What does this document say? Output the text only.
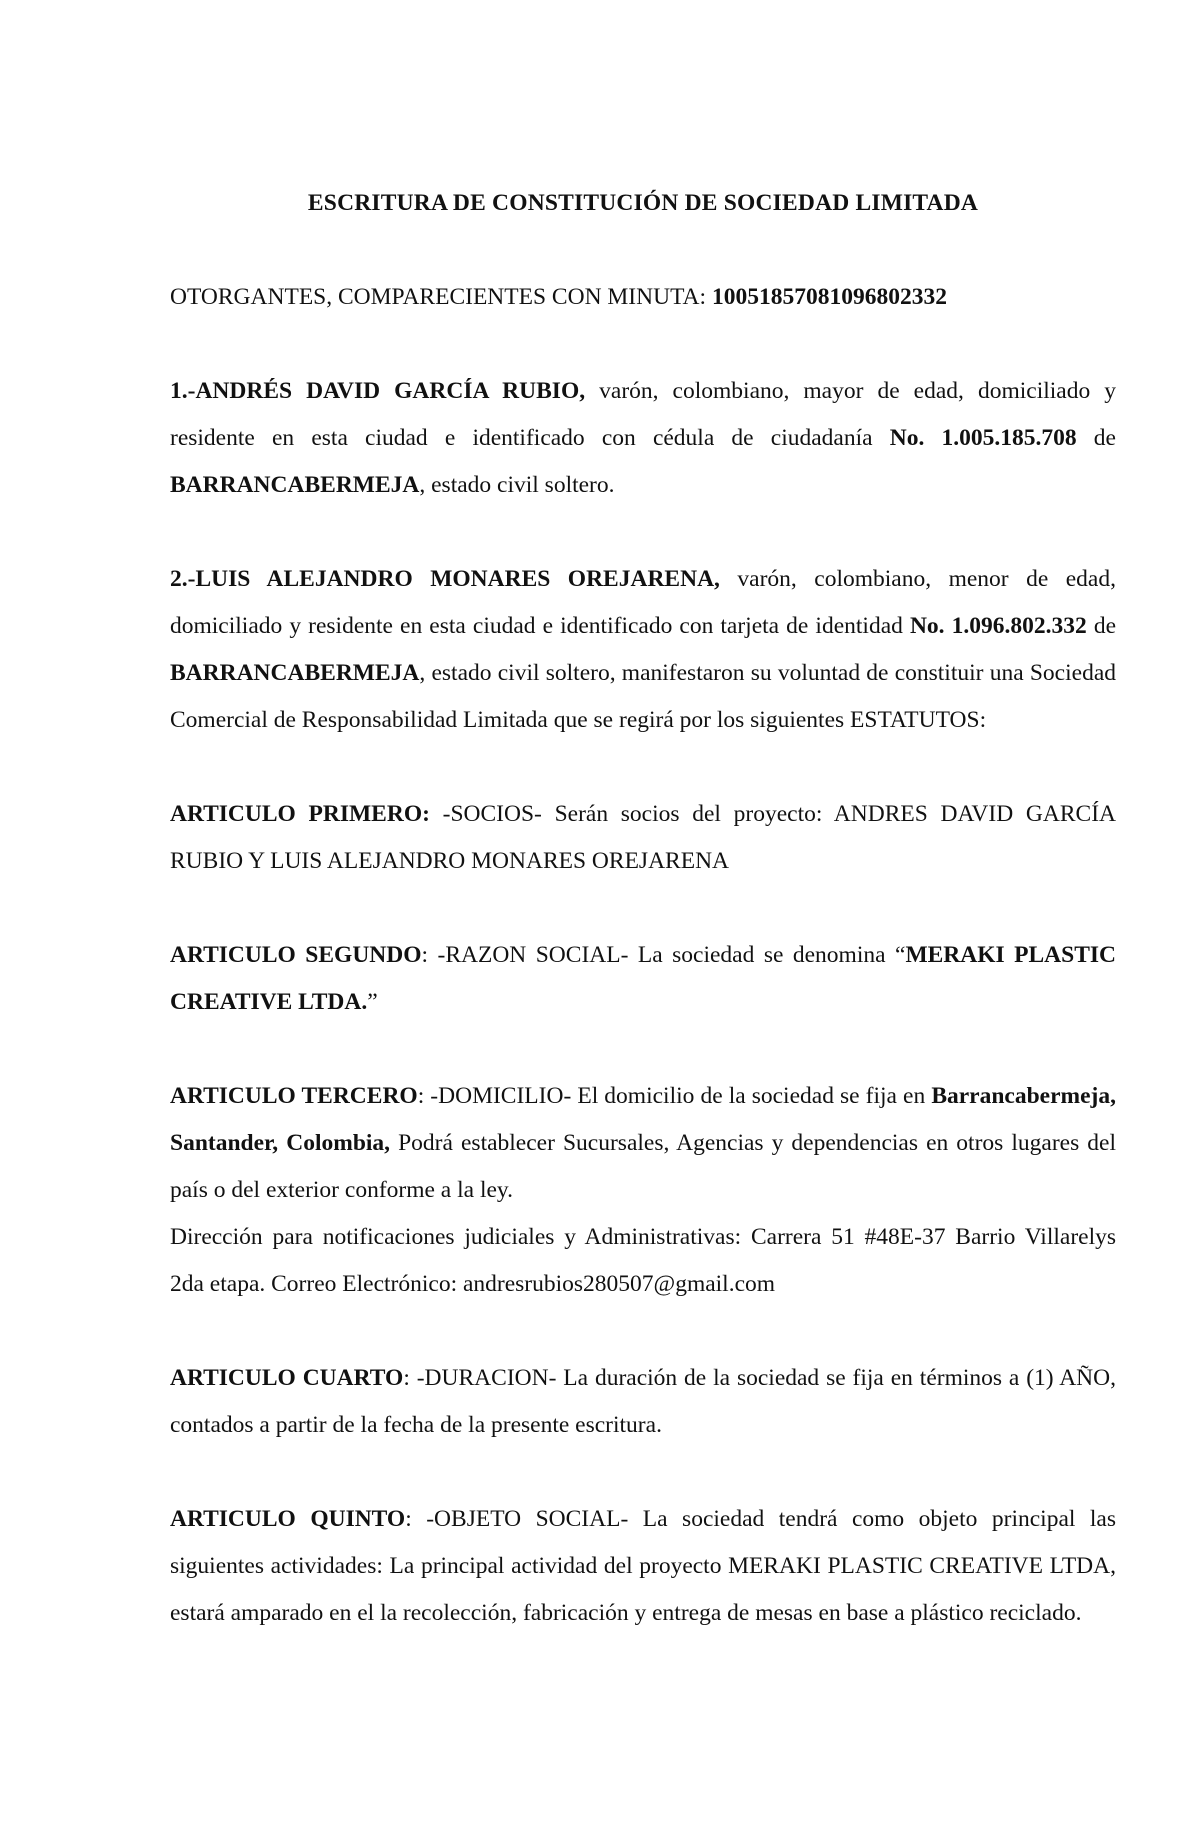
ESCRITURA DE CONSTITUCIÓN DE SOCIEDAD LIMITADA

OTORGANTES, COMPARECIENTES CON MINUTA: 10051857081096802332

1.-ANDRÉS DAVID GARCÍA RUBIO, varón, colombiano, mayor de edad, domiciliado y residente en esta ciudad e identificado con cédula de ciudadanía No. 1.005.185.708 de BARRANCABERMEJA, estado civil soltero.

2.-LUIS ALEJANDRO MONARES OREJARENA, varón, colombiano, menor de edad, domiciliado y residente en esta ciudad e identificado con tarjeta de identidad No. 1.096.802.332 de BARRANCABERMEJA, estado civil soltero, manifestaron su voluntad de constituir una Sociedad Comercial de Responsabilidad Limitada que se regirá por los siguientes ESTATUTOS:

ARTICULO PRIMERO: -SOCIOS- Serán socios del proyecto: ANDRES DAVID GARCÍA RUBIO Y LUIS ALEJANDRO MONARES OREJARENA

ARTICULO SEGUNDO: -RAZON SOCIAL- La sociedad se denomina “MERAKI PLASTIC CREATIVE LTDA.”

ARTICULO TERCERO: -DOMICILIO- El domicilio de la sociedad se fija en Barrancabermeja, Santander, Colombia, Podrá establecer Sucursales, Agencias y dependencias en otros lugares del país o del exterior conforme a la ley.

Dirección para notificaciones judiciales y Administrativas: Carrera 51 #48E-37 Barrio Villarelys 2da etapa. Correo Electrónico: andresrubios280507@gmail.com

ARTICULO CUARTO: -DURACION- La duración de la sociedad se fija en términos a (1) AÑO, contados a partir de la fecha de la presente escritura.

ARTICULO QUINTO: -OBJETO SOCIAL- La sociedad tendrá como objeto principal las siguientes actividades: La principal actividad del proyecto MERAKI PLASTIC CREATIVE LTDA, estará amparado en el la recolección, fabricación y entrega de mesas en base a plástico reciclado.
